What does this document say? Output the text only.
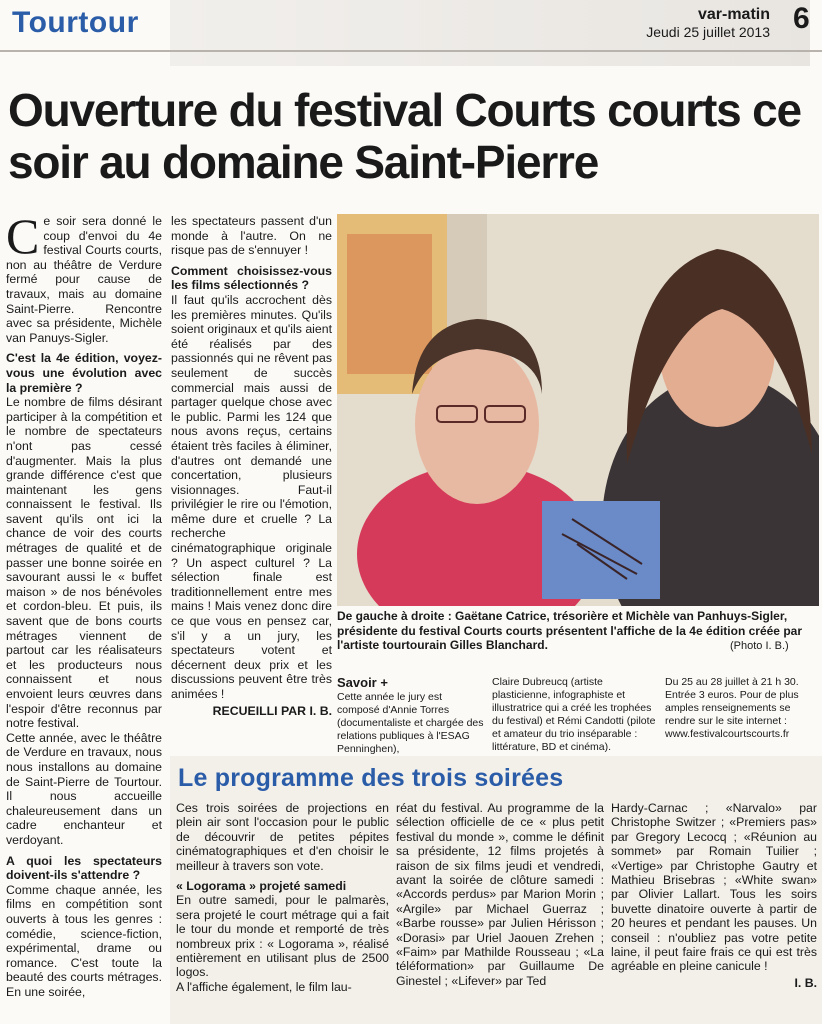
Tourtour	var-matin
Jeudi 25 juillet 2013 6
Ouverture du festival Courts courts ce soir au domaine Saint-Pierre

Ce soir sera donné le coup d'envoi du 4e festival Courts courts, non au théâtre de Verdure fermé pour cause de travaux, mais au domaine Saint-Pierre. Rencontre avec sa présidente, Michèle van Panuys-Sigler.

C'est la 4e édition, voyez-vous une évolution avec la première ?

Le nombre de films désirant participer à la compétition et le nombre de spectateurs n'ont pas cessé d'augmenter. Mais la plus grande différence c'est que maintenant les gens connaissent le festival. Ils savent qu'ils ont ici la chance de voir des courts métrages de qualité et de passer une bonne soirée en savourant aussi le « buffet maison » de nos bénévoles et cordon-bleu. Et puis, ils savent que de bons courts métrages viennent de partout car les réalisateurs et les producteurs nous connaissent et nous envoient leurs œuvres dans l'espoir d'être reconnus par notre festival.

Cette année, avec le théâtre de Verdure en travaux, nous nous installons au domaine de Saint-Pierre de Tourtour. Il nous accueille chaleureusement dans un cadre enchanteur et verdoyant.

A quoi les spectateurs doivent-ils s'attendre ?

Comme chaque année, les films en compétition sont ouverts à tous les genres : comédie, science-fiction, expérimental, drame ou romance. C'est toute la beauté des courts métrages. En une soirée,

les spectateurs passent d'un monde à l'autre. On ne risque pas de s'ennuyer !

Comment choisissez-vous les films sélectionnés ?

Il faut qu'ils accrochent dès les premières minutes. Qu'ils soient originaux et qu'ils aient été réalisés par des passionnés qui ne rêvent pas seulement de succès commercial mais aussi de partager quelque chose avec le public. Parmi les 124 que nous avons reçus, certains étaient très faciles à éliminer, d'autres ont demandé une concertation, plusieurs visionnages. Faut-il privilégier le rire ou l'émotion, même dure et cruelle ? La recherche cinématographique originale ? Un aspect culturel ? La sélection finale est traditionnellement entre mes mains ! Mais venez donc dire ce que vous en pensez car, s'il y a un jury, les spectateurs votent et décernent deux prix et les discussions peuvent être très animées !

RECUEILLI PAR I. B.

De gauche à droite : Gaëtane Catrice, trésorière et Michèle van Panhuys-Sigler, présidente du festival Courts courts présentent l'affiche de la 4e édition créée par l'artiste tourtourain Gilles Blanchard.	(Photo I. B.)
Savoir +
Cette année le jury est composé d'Annie Torres (documentaliste et chargée des relations publiques à l'ESAG Penninghen),
Claire Dubreucq (artiste plasticienne, infographiste et illustratrice qui a créé les trophées du festival) et Rémi Candotti (pilote et amateur du trio inséparable : littérature, BD et cinéma).
Du 25 au 28 juillet à 21 h 30. Entrée 3 euros. Pour de plus amples renseignements se rendre sur le site internet : www.festivalcourtscourts.fr
Le programme des trois soirées

Ces trois soirées de projections en plein air sont l'occasion pour le public de découvrir de petites pépites cinématographiques et d'en choisir le meilleur à travers son vote.

« Logorama » projeté samedi

En outre samedi, pour le palmarès, sera projeté le court métrage qui a fait le tour du monde et remporté de très nombreux prix : « Logorama », réalisé entièrement en utilisant plus de 2500 logos.

A l'affiche également, le film lau-

réat du festival. Au programme de la sélection officielle de ce « plus petit festival du monde », comme le définit sa présidente, 12 films projetés à raison de six films jeudi et vendredi, avant la soirée de clôture samedi : «Accords perdus» par Marion Morin ; «Argile» par Michael Guerraz ; «Barbe rousse» par Julien Hérisson ; «Dorasi» par Uriel Jaouen Zrehen ; «Faim» par Mathilde Rousseau ; «La téléformation» par Guillaume De Ginestel ; «Lifever» par Ted

Hardy-Carnac ; «Narvalo» par Christophe Switzer ; «Premiers pas» par Gregory Lecocq ; «Réunion au sommet» par Romain Tuilier ; «Vertige» par Christophe Gautry et Mathieu Brisebras ; «White swan» par Olivier Lallart. Tous les soirs buvette dinatoire ouverte à partir de 20 heures et pendant les pauses. Un conseil : n'oubliez pas votre petite laine, il peut faire frais ce qui est très agréable en pleine canicule !

I. B.
